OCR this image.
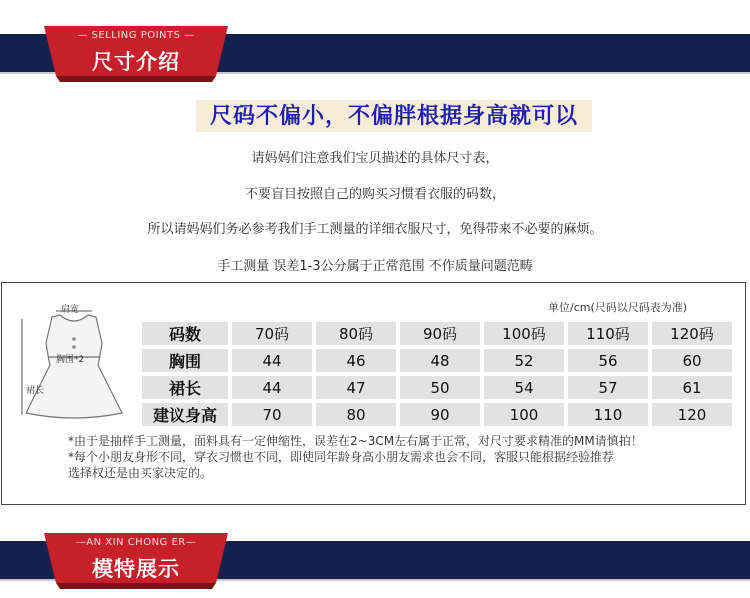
— SELLING POINTS —
尺寸介绍
尺码不偏小，不偏胖根据身高就可以
请妈妈们注意我们宝贝描述的具体尺寸表，
不要盲目按照自己的购买习惯看衣服的码数，
所以请妈妈们务必参考我们手工测量的详细衣服尺寸，免得带来不必要的麻烦。
手工测量 误差1-3公分属于正常范围 不作质量问题范畴
单位/cm(尺码以尺码表为准)
肩宽
胸围*2
裙长
码数	70码	80码	90码	100码	110码	120码
胸围	44	46	48	52	56	60
裙长	44	47	50	54	57	61
建议身高	70	80	90	100	110	120
*由于是抽样手工测量，面料具有一定伸缩性，误差在2~3CM左右属于正常，对尺寸要求精准的MM请慎拍！
*每个小朋友身形不同，穿衣习惯也不同，即使同年龄身高小朋友需求也会不同，客服只能根据经验推荐
选择权还是由买家决定的。
—AN XIN CHONG ER—
模特展示
